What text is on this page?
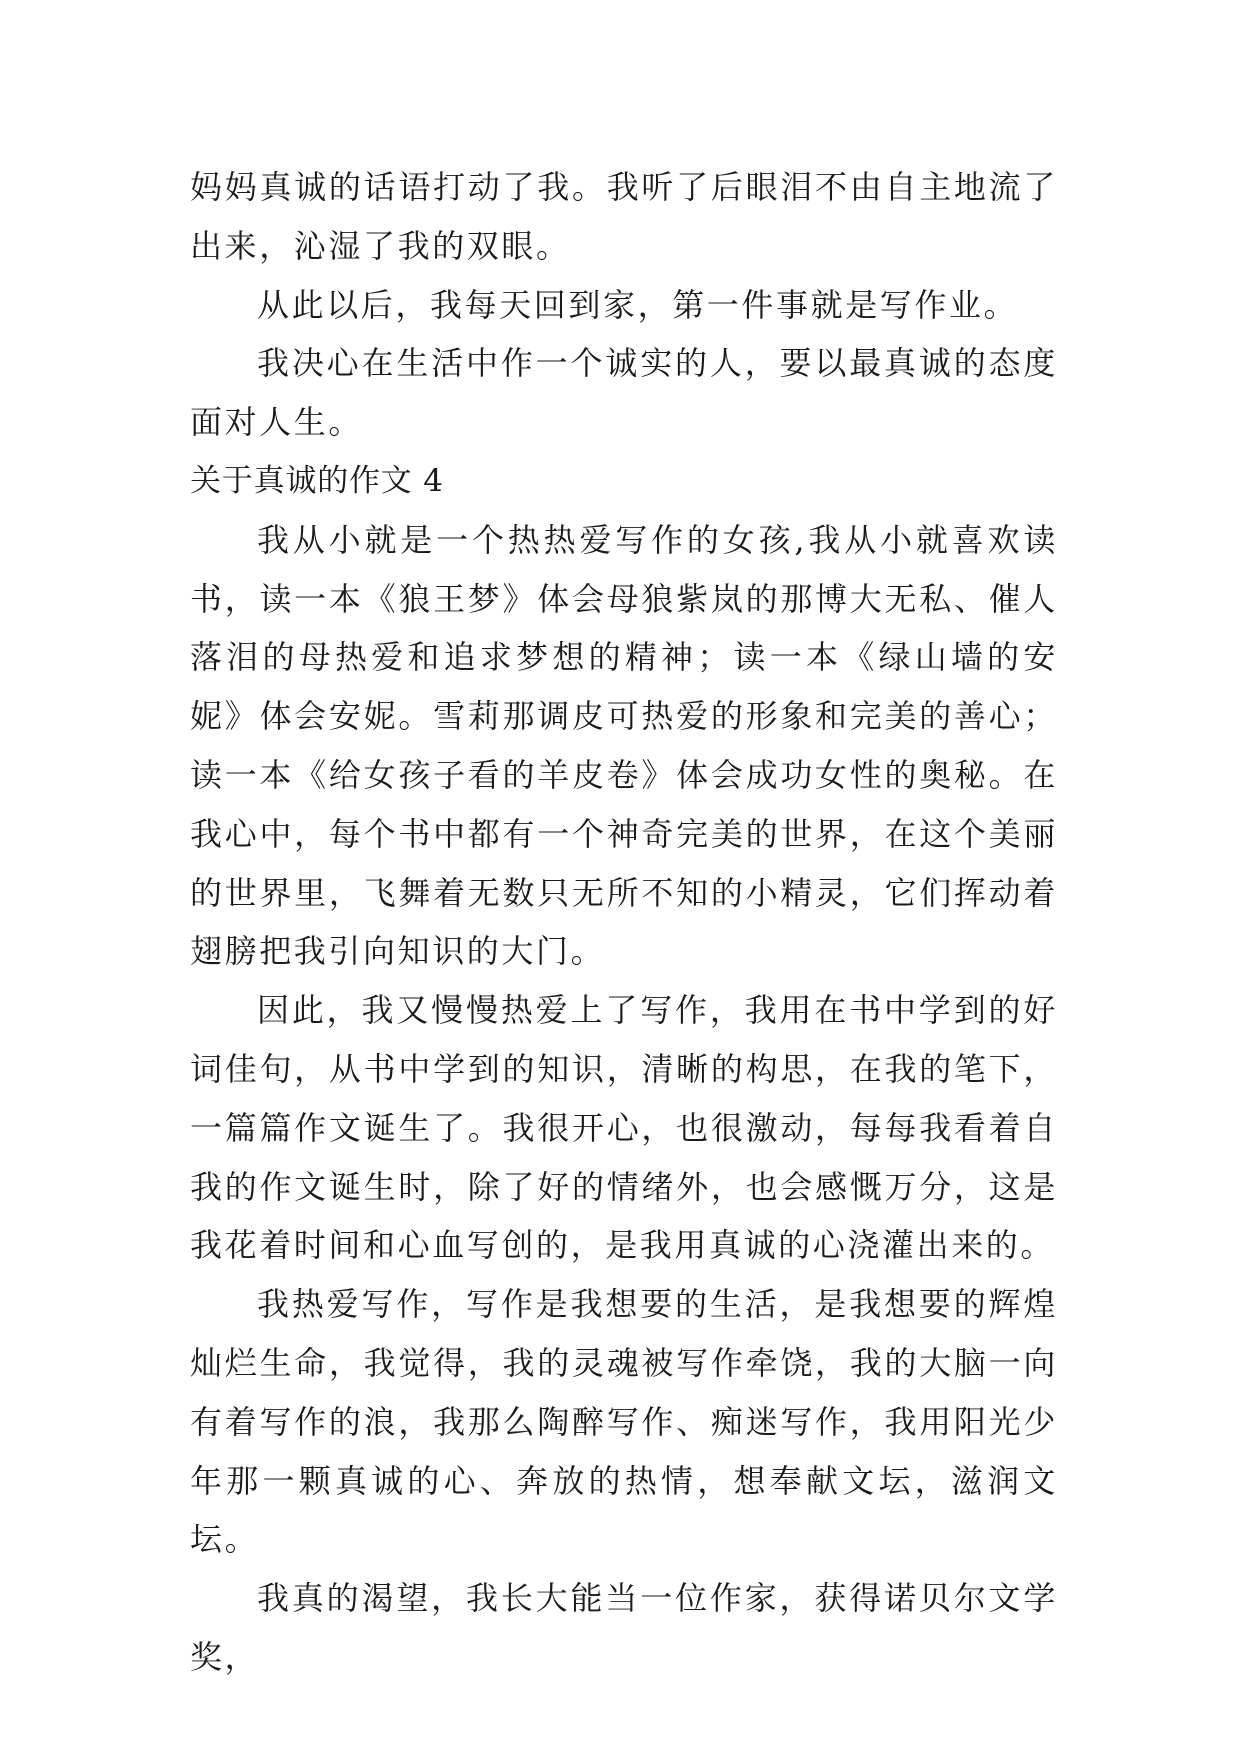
妈妈真诚的话语打动了我。我听了后眼泪不由自主地流了出来，沁湿了我的双眼。

从此以后，我每天回到家，第一件事就是写作业。

我决心在生活中作一个诚实的人，要以最真诚的态度面对人生。

关于真诚的作文 4

我从小就是一个热热爱写作的女孩,我从小就喜欢读书，读一本《狼王梦》体会母狼紫岚的那博大无私、催人落泪的母热爱和追求梦想的精神；读一本《绿山墙的安妮》体会安妮。雪莉那调皮可热爱的形象和完美的善心；读一本《给女孩子看的羊皮卷》体会成功女性的奥秘。在我心中，每个书中都有一个神奇完美的世界，在这个美丽的世界里，飞舞着无数只无所不知的小精灵，它们挥动着翅膀把我引向知识的大门。

因此，我又慢慢热爱上了写作，我用在书中学到的好词佳句，从书中学到的知识，清晰的构思，在我的笔下，一篇篇作文诞生了。我很开心，也很激动，每每我看着自我的作文诞生时，除了好的情绪外，也会感慨万分，这是我花着时间和心血写创的，是我用真诚的心浇灌出来的。

我热爱写作，写作是我想要的生活，是我想要的辉煌灿烂生命，我觉得，我的灵魂被写作牵饶，我的大脑一向有着写作的浪，我那么陶醉写作、痴迷写作，我用阳光少年那一颗真诚的心、奔放的热情，想奉献文坛，滋润文坛。

我真的渴望，我长大能当一位作家，获得诺贝尔文学奖，
